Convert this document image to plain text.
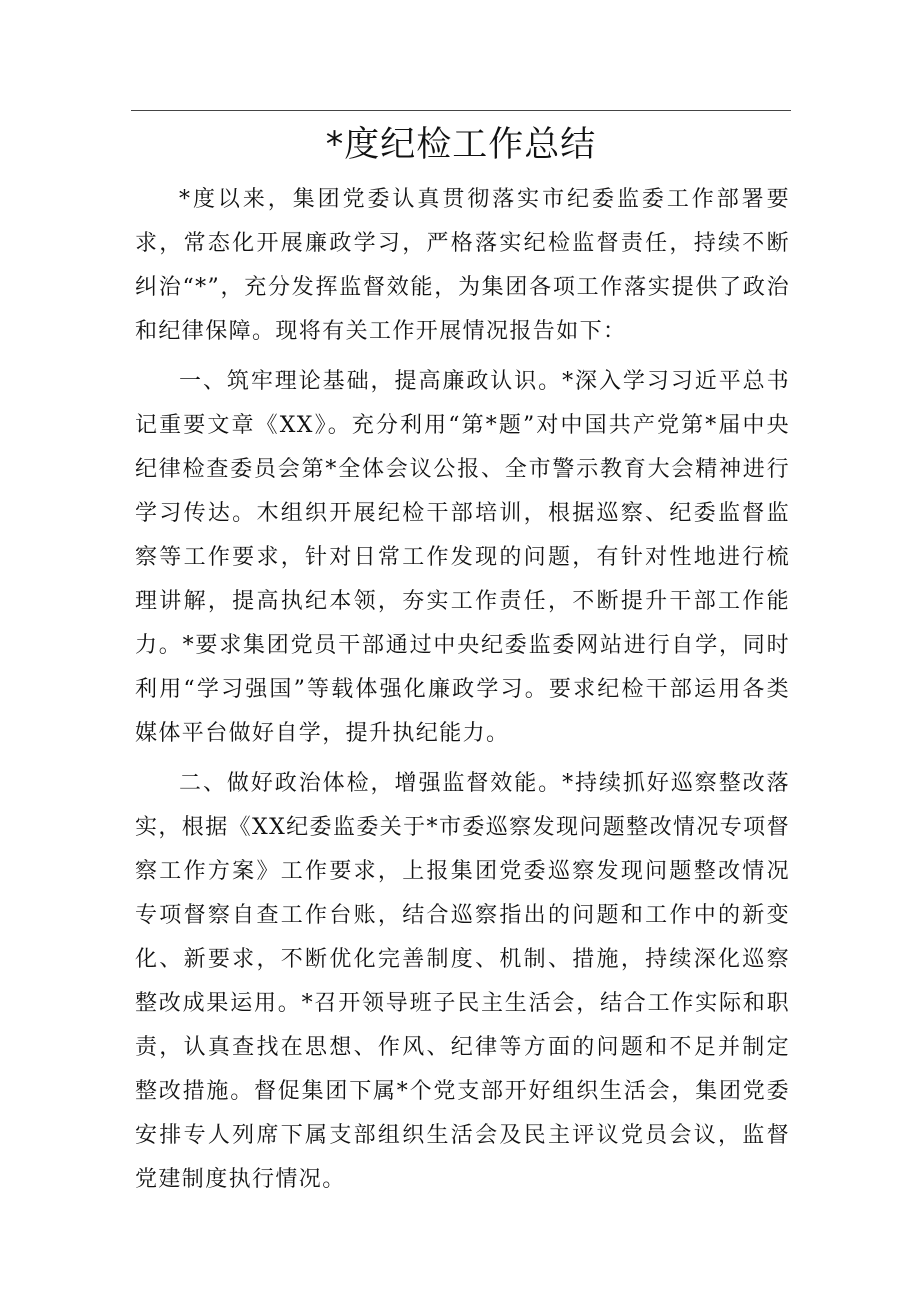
*度纪检工作总结

*度以来，集团党委认真贯彻落实市纪委监委工作部署要求，常态化开展廉政学习，严格落实纪检监督责任，持续不断纠治“*”，充分发挥监督效能，为集团各项工作落实提供了政治和纪律保障。现将有关工作开展情况报告如下：

一、筑牢理论基础，提高廉政认识。*深入学习习近平总书记重要文章《XX》。充分利用“第*题”对中国共产党第*届中央纪律检查委员会第*全体会议公报、全市警示教育大会精神进行学习传达。木组织开展纪检干部培训，根据巡察、纪委监督监察等工作要求，针对日常工作发现的问题，有针对性地进行梳理讲解，提高执纪本领，夯实工作责任，不断提升干部工作能力。*要求集团党员干部通过中央纪委监委网站进行自学，同时利用“学习强国”等载体强化廉政学习。要求纪检干部运用各类媒体平台做好自学，提升执纪能力。

二、做好政治体检，增强监督效能。*持续抓好巡察整改落实，根据《XX纪委监委关于*市委巡察发现问题整改情况专项督察工作方案》工作要求，上报集团党委巡察发现问题整改情况专项督察自查工作台账，结合巡察指出的问题和工作中的新变化、新要求，不断优化完善制度、机制、措施，持续深化巡察整改成果运用。*召开领导班子民主生活会，结合工作实际和职责，认真查找在思想、作风、纪律等方面的问题和不足并制定整改措施。督促集团下属*个党支部开好组织生活会，集团党委安排专人列席下属支部组织生活会及民主评议党员会议，监督党建制度执行情况。
